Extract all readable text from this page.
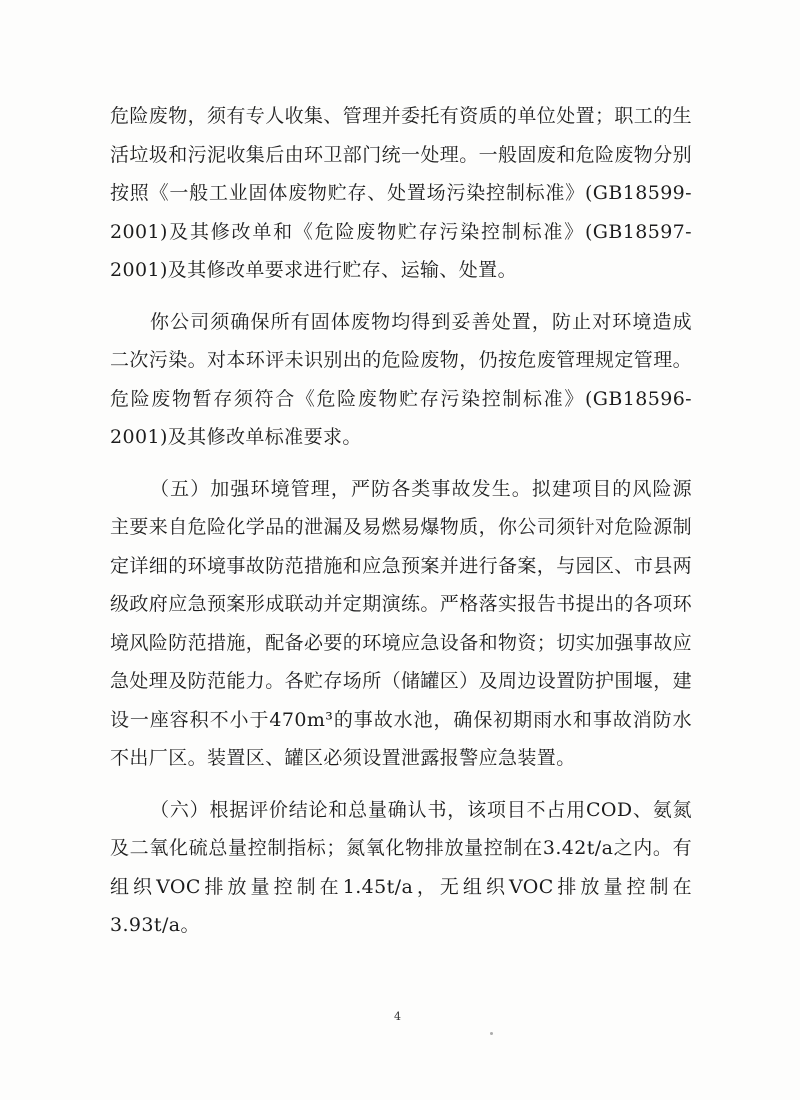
危险废物，须有专人收集、管理并委托有资质的单位处置；职工的生活垃圾和污泥收集后由环卫部门统一处理。一般固废和危险废物分别按照《一般工业固体废物贮存、处置场污染控制标准》(GB18599-2001)及其修改单和《危险废物贮存污染控制标准》(GB18597-2001)及其修改单要求进行贮存、运输、处置。

你公司须确保所有固体废物均得到妥善处置，防止对环境造成二次污染。对本环评未识别出的危险废物，仍按危废管理规定管理。危险废物暂存须符合《危险废物贮存污染控制标准》(GB18596-2001)及其修改单标准要求。

（五）加强环境管理，严防各类事故发生。拟建项目的风险源主要来自危险化学品的泄漏及易燃易爆物质，你公司须针对危险源制定详细的环境事故防范措施和应急预案并进行备案，与园区、市县两级政府应急预案形成联动并定期演练。严格落实报告书提出的各项环境风险防范措施，配备必要的环境应急设备和物资；切实加强事故应急处理及防范能力。各贮存场所（储罐区）及周边设置防护围堰，建设一座容积不小于470m³的事故水池，确保初期雨水和事故消防水不出厂区。装置区、罐区必须设置泄露报警应急装置。

（六）根据评价结论和总量确认书，该项目不占用COD、氨氮及二氧化硫总量控制指标；氮氧化物排放量控制在3.42t/a之内。有组织VOC排放量控制在1.45t/a，无组织VOC排放量控制在3.93t/a。

4
